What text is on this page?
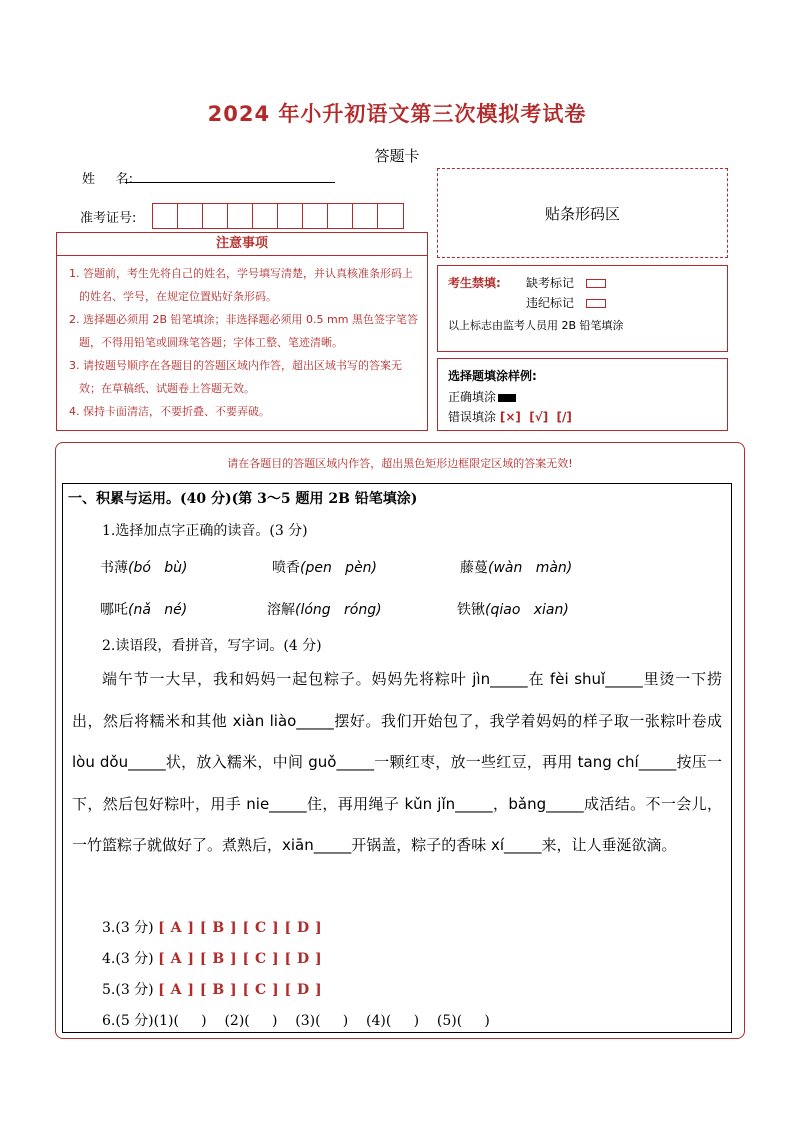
2024 年小升初语文第三次模拟考试卷
答题卡
姓     名:
准考证号:	贴条形码区
注意事项
1. 答题前，考生先将自己的姓名，学号填写清楚，并认真核准条形码上的姓名、学号，在规定位置贴好条形码。
2. 选择题必须用 2B 铅笔填涂；非选择题必须用 0.5 mm 黑色签字笔答题，不得用铅笔或圆珠笔答题；字体工整、笔迹清晰。
3. 请按题号顺序在各题目的答题区域内作答，超出区域书写的答案无效；在草稿纸、试题卷上答题无效。
4. 保持卡面清洁，不要折叠、不要弄破。
考生禁填:	缺考标记
违纪标记
以上标志由监考人员用 2B 铅笔填涂
选择题填涂样例:
正确填涂
错误填涂 [×]  [√]  [/]
请在各题目的答题区域内作答，超出黑色矩形边框限定区域的答案无效!
一、积累与运用。(40 分)(第 3～5 题用 2B 铅笔填涂)
1.选择加点字正确的读音。(3 分)
书薄(bó   bù)	喷香(pen   pèn)	藤蔓(wàn   màn)
哪吒(nǎ   né)	溶解(lóng   róng)	铁锹(qiao   xian)
2.读语段，看拼音，写字词。(4 分)
端午节一大早，我和妈妈一起包粽子。妈妈先将粽叶 jìn_____在 fèi shuǐ_____里烫一下捞出，然后将糯米和其他 xiàn liào_____摆好。我们开始包了，我学着妈妈的样子取一张粽叶卷成 lòu dǒu_____状，放入糯米，中间 guǒ_____一颗红枣，放一些红豆，再用 tang chí_____按压一下，然后包好粽叶，用手 nie_____住，再用绳子 kǔn jǐn_____，bǎng_____成活结。不一会儿，一竹篮粽子就做好了。煮熟后，xiān_____开锅盖，粽子的香味 xí_____来，让人垂涎欲滴。
3.(3 分) [ A ] [ B ] [ C ] [ D ]
4.(3 分) [ A ] [ B ] [ C ] [ D ]
5.(3 分) [ A ] [ B ] [ C ] [ D ]
6.(5 分)(1)(     )    (2)(     )    (3)(     )    (4)(     )    (5)(     )
